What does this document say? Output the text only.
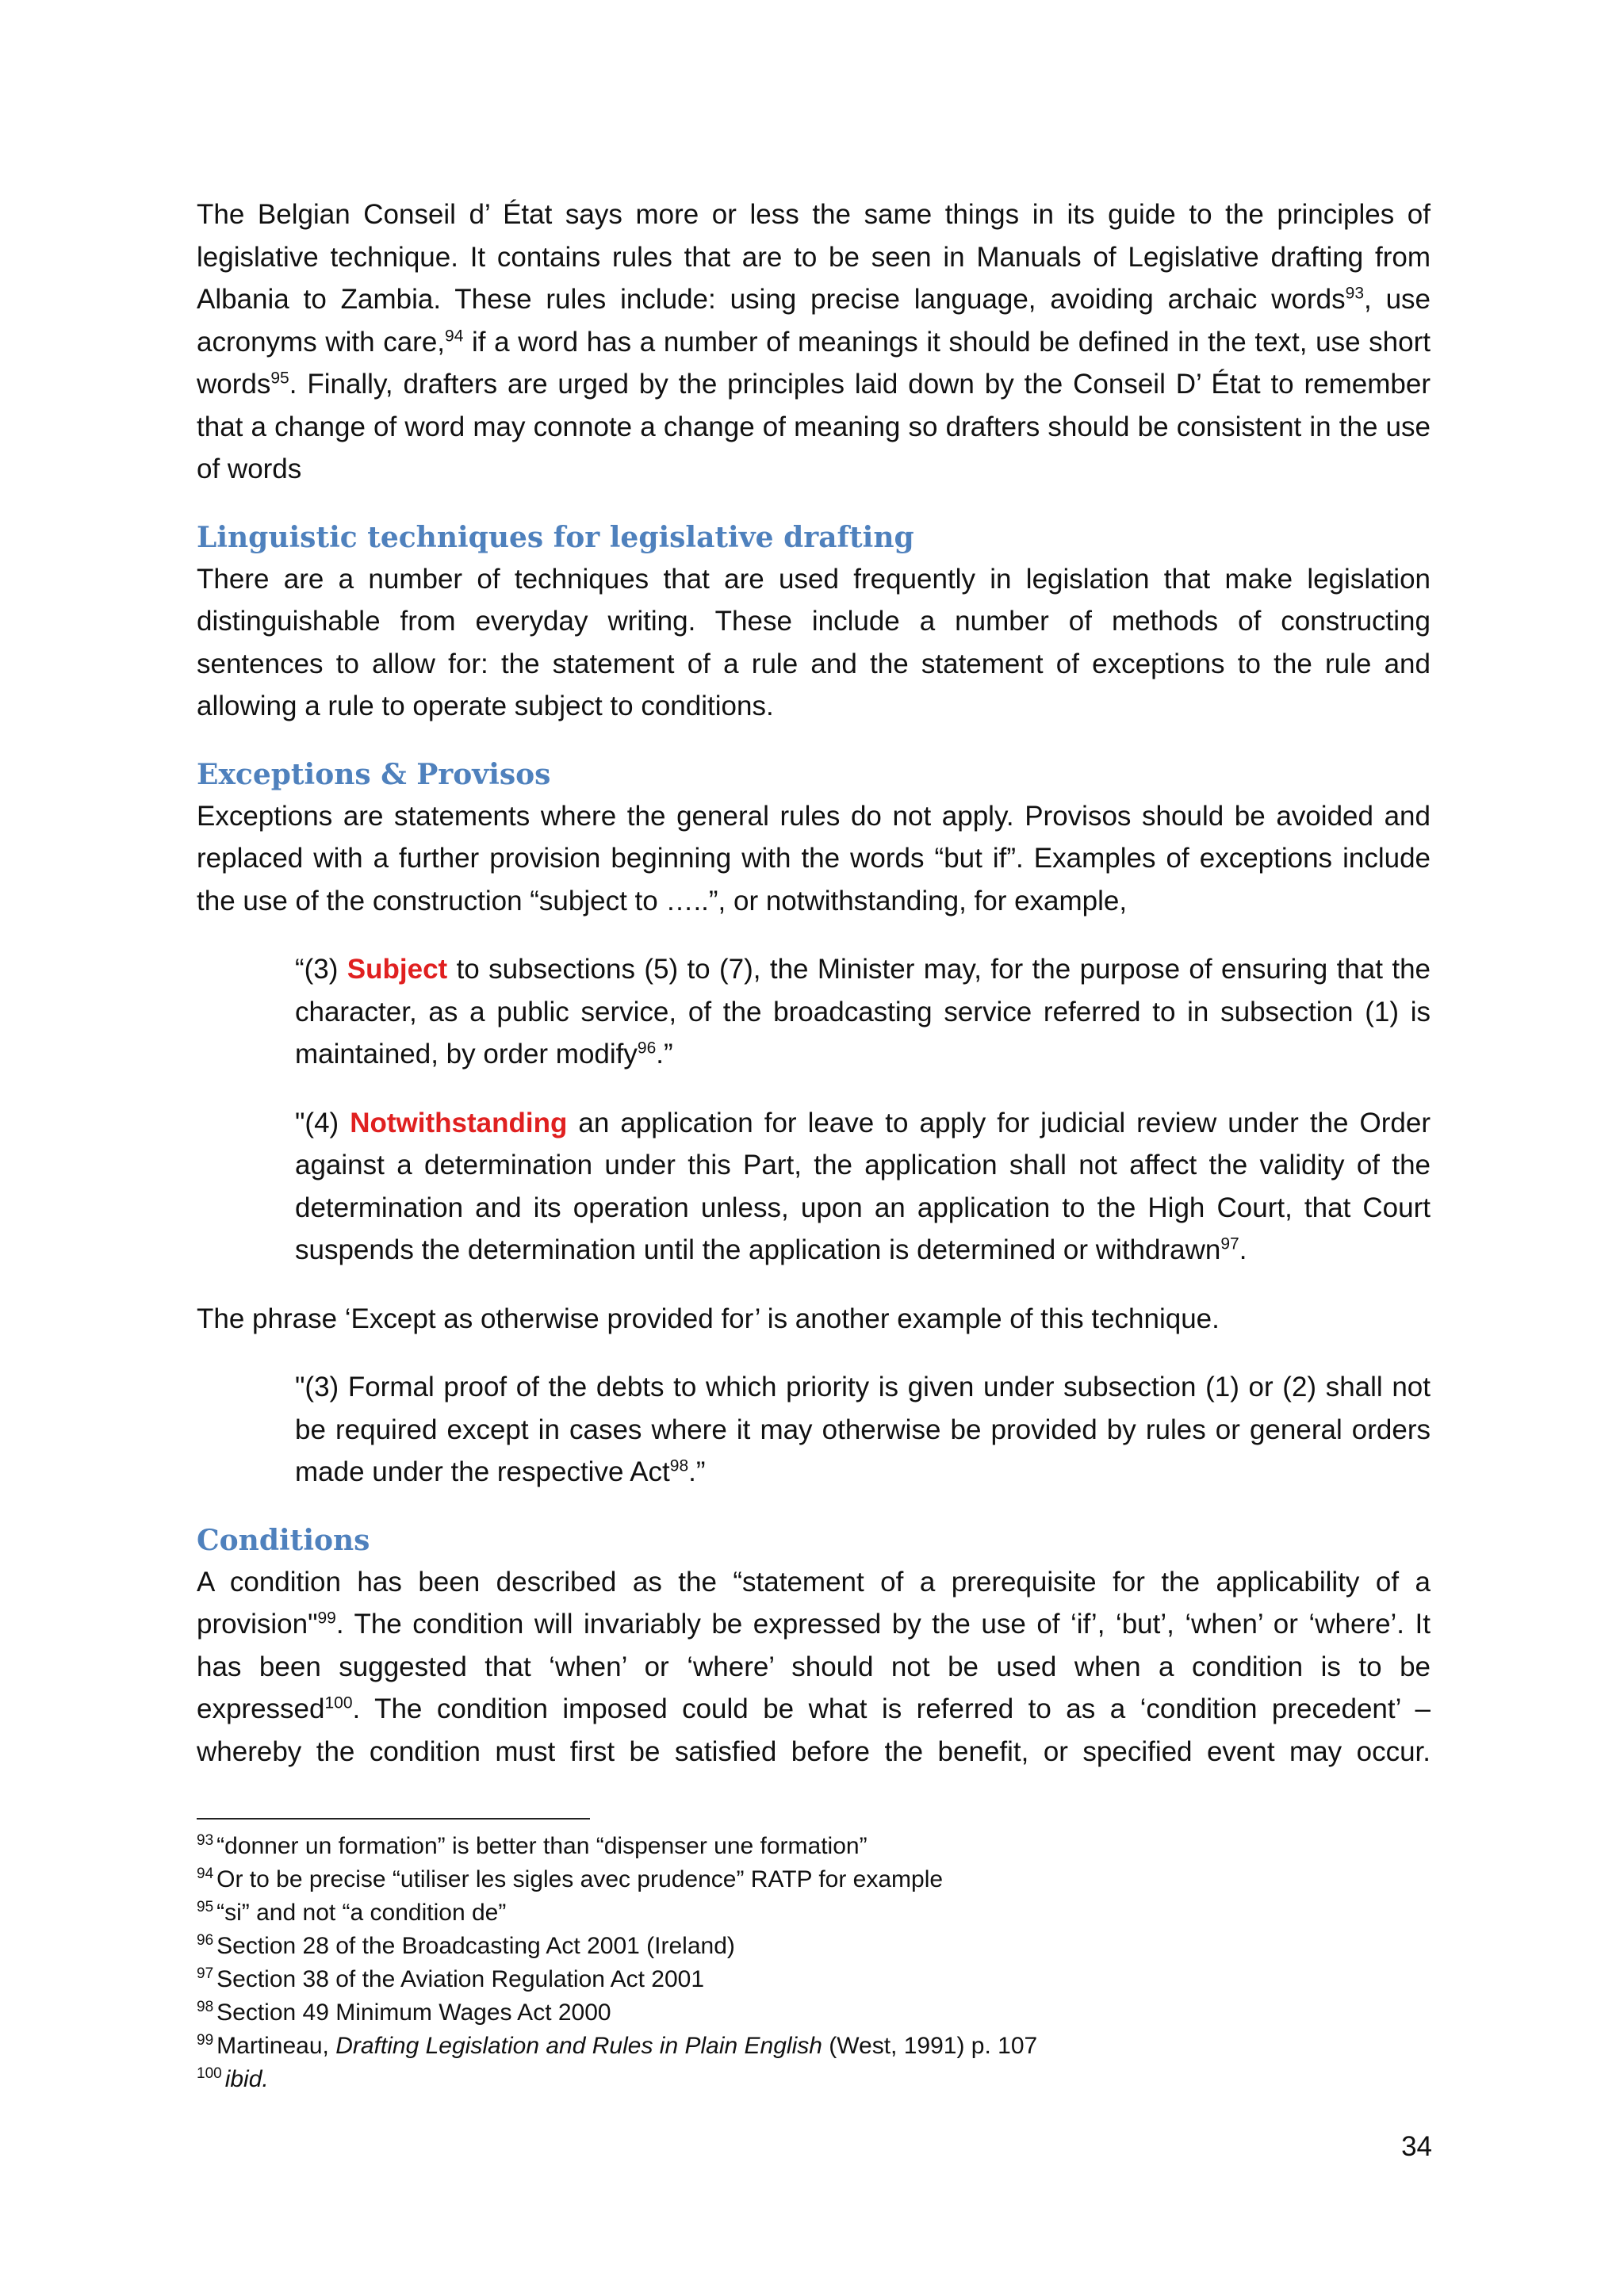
The Belgian Conseil d’ État says more or less the same things in its guide to the principles of legislative technique. It contains rules that are to be seen in Manuals of Legislative drafting from Albania to Zambia. These rules include: using precise language, avoiding archaic words$^{93}$, use acronyms with care,$^{94}$ if a word has a number of meanings it should be defined in the text, use short words$^{95}$. Finally, drafters are urged by the principles laid down by the Conseil D’ État to remember that a change of word may connote a change of meaning so drafters should be consistent in the use of words

Linguistic techniques for legislative drafting

There are a number of techniques that are used frequently in legislation that make legislation distinguishable from everyday writing. These include a number of methods of constructing sentences to allow for: the statement of a rule and the statement of exceptions to the rule and allowing a rule to operate subject to conditions.

Exceptions & Provisos

Exceptions are statements where the general rules do not apply. Provisos should be avoided and replaced with a further provision beginning with the words “but if”. Examples of exceptions include the use of the construction “subject to …..”, or notwithstanding, for example,

“(3) Subject to subsections (5) to (7), the Minister may, for the purpose of ensuring that the character, as a public service, of the broadcasting service referred to in subsection (1) is maintained, by order modify$^{96}$.”

"(4) Notwithstanding an application for leave to apply for judicial review under the Order against a determination under this Part, the application shall not affect the validity of the determination and its operation unless, upon an application to the High Court, that Court suspends the determination until the application is determined or withdrawn$^{97}$.

The phrase ‘Except as otherwise provided for’ is another example of this technique.

"(3) Formal proof of the debts to which priority is given under subsection (1) or (2) shall not be required except in cases where it may otherwise be provided by rules or general orders made under the respective Act$^{98}$.”

Conditions

A condition has been described as the “statement of a prerequisite for the applicability of a provision"$^{99}$. The condition will invariably be expressed by the use of ‘if’, ‘but’, ‘when’ or ‘where’. It has been suggested that ‘when’ or ‘where’ should not be used when a condition is to be expressed$^{100}$. The condition imposed could be what is referred to as a ‘condition precedent’ – whereby the condition must first be satisfied before the benefit, or specified event may occur.

$^{93}$ “donner un formation” is better than “dispenser une formation”
$^{94}$ Or to be precise “utiliser les sigles avec prudence” RATP for example
$^{95}$ “si” and not “a condition de”
$^{96}$ Section 28 of the Broadcasting Act 2001 (Ireland)
$^{97}$ Section 38 of the Aviation Regulation Act 2001
$^{98}$ Section 49 Minimum Wages Act 2000
$^{99}$ Martineau, Drafting Legislation and Rules in Plain English (West, 1991) p. 107
$^{100}$ ibid.
34
